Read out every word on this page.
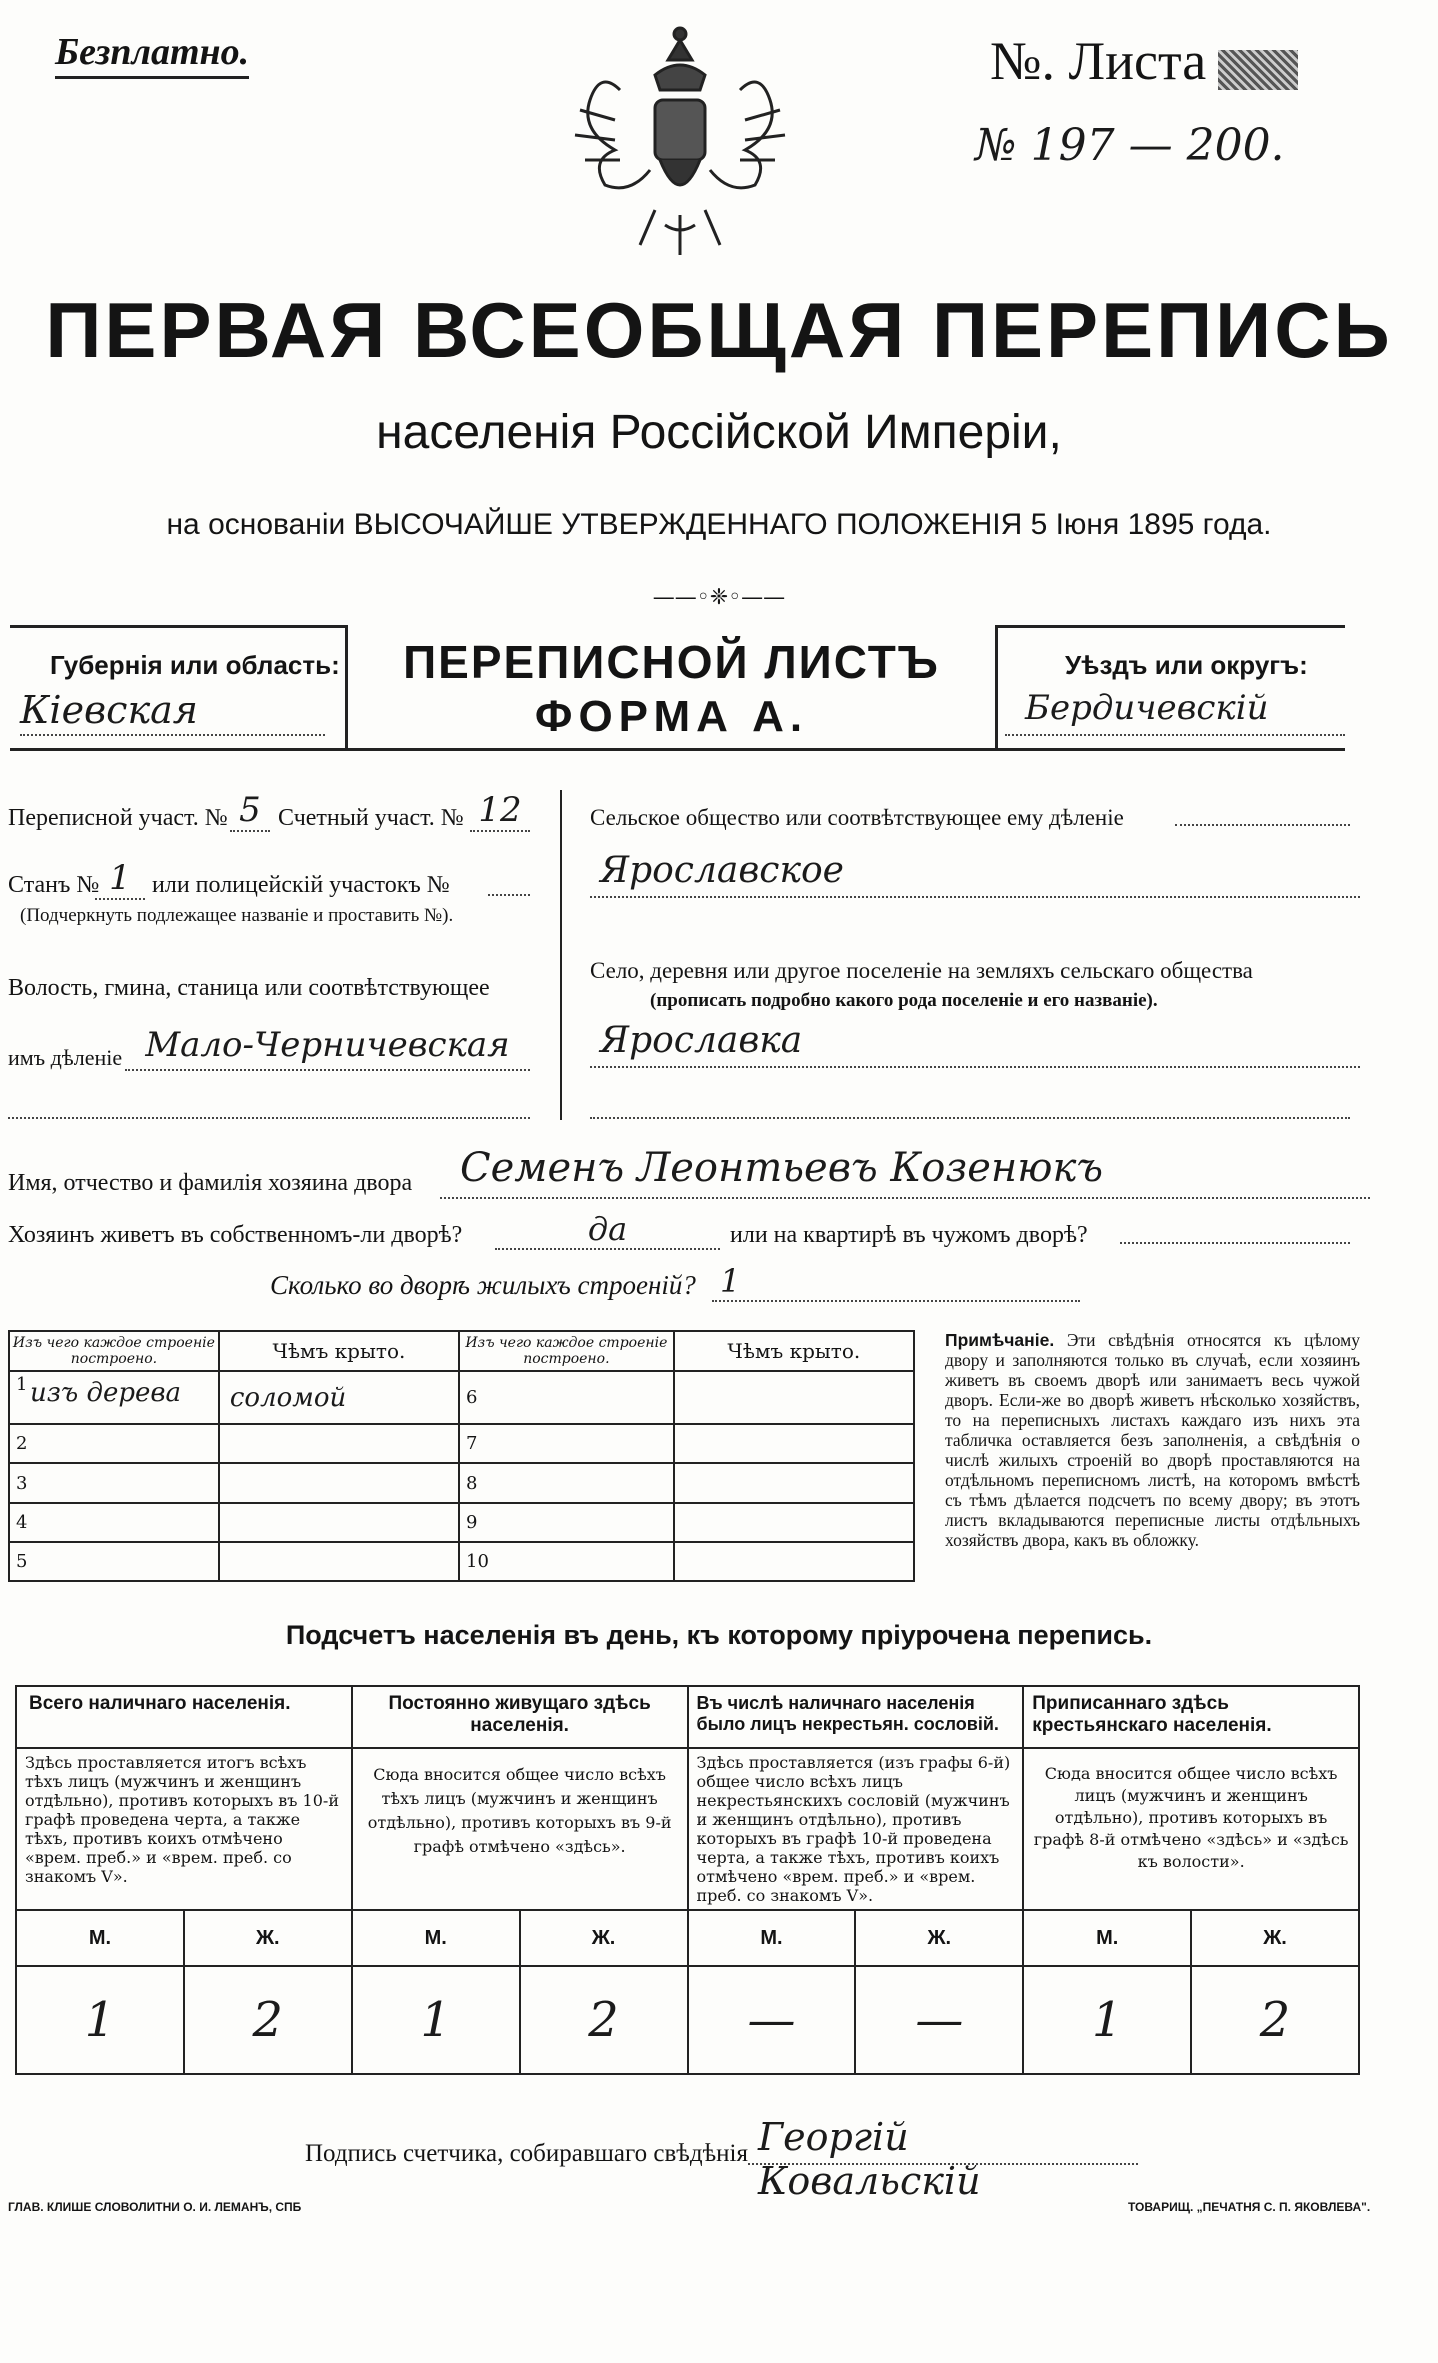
Безплатно.	№. Листа
№ 197 — 200.
ПЕРВАЯ ВСЕОБЩАЯ ПЕРЕПИСЬ
населенія Россійской Имперіи,
на основаніи ВЫСОЧАЙШЕ УТВЕРЖДЕННАГО ПОЛОЖЕНІЯ 5 Іюня 1895 года.
——◦❈◦——
Губернія или область:
Кіевская
ПЕРЕПИСНОЙ ЛИСТЪ
ФОРМА А.
Уѣздъ или округъ:
Бердичевскій
Переписной участ. № 5 Счетный участ. № 12
Станъ № 1 или полицейскій участокъ №
(Подчеркнуть подлежащее названіе и проставить №).
Волость, гмина, станица или соотвѣтствующее
имъ дѣленіе Мало-Черничевская
Сельское общество или соотвѣтствующее ему дѣленіе
Ярославское
Село, деревня или другое поселеніе на земляхъ сельскаго общества
(прописать подробно какого рода поселеніе и его названіе).
Ярославка
Имя, отчество и фамилія хозяина двора	Семенъ Леонтьевъ Козенюкъ
Хозяинъ живетъ въ собственномъ-ли дворѣ?	да	или на квартирѣ въ чужомъ дворѣ?
Сколько во дворѣ жилыхъ строеній? 1
Изъ чего каждое строеніе построено.	Чѣмъ крыто.	Изъ чего каждое строеніе построено.	Чѣмъ крыто.

1 изъ дерева	соломой	6	
2		7	
3		8	
4		9	
5		10	
Примѣчаніе. Эти свѣдѣнія относятся къ цѣлому двору и заполняются только въ случаѣ, если хозяинъ живетъ въ своемъ дворѣ или занимаетъ весь чужой дворъ. Если-же во дворѣ живетъ нѣсколько хозяйствъ, то на переписныхъ листахъ каждаго изъ нихъ эта табличка оставляется безъ заполненія, а свѣдѣнія о числѣ жилыхъ строеній во дворѣ проставляются на отдѣльномъ переписномъ листѣ, на которомъ вмѣстѣ съ тѣмъ дѣлается подсчетъ по всему двору; въ этотъ листъ вкладываются переписные листы отдѣльныхъ хозяйствъ двора, какъ въ обложку.
Подсчетъ населенія въ день, къ которому пріурочена перепись.
Всего наличнаго населенія.		Постоянно живущаго здѣсь населенія.		Въ числѣ наличнаго населенія было лицъ некрестьян. сословій.		Приписаннаго здѣсь крестьянскаго населенія.	
Здѣсь проставляется итогъ всѣхъ тѣхъ лицъ (мужчинъ и женщинъ отдѣльно), противъ которыхъ въ 10-й графѣ проведена черта, а также тѣхъ, противъ коихъ отмѣчено «врем. преб.» и «врем. преб. со знакомъ V».		Сюда вносится общее число всѣхъ тѣхъ лицъ (мужчинъ и женщинъ отдѣльно), противъ которыхъ въ 9-й графѣ отмѣчено «здѣсь».		Здѣсь проставляется (изъ графы 6-й) общее число всѣхъ лицъ некрестьянскихъ сословій (мужчинъ и женщинъ отдѣльно), противъ которыхъ въ графѣ 10-й проведена черта, а также тѣхъ, противъ коихъ отмѣчено «врем. преб.» и «врем. преб. со знакомъ V».		Сюда вносится общее число всѣхъ лицъ (мужчинъ и женщинъ отдѣльно), противъ которыхъ въ графѣ 8-й отмѣчено «здѣсь» и «здѣсь къ волости».	
М.	Ж.	М.	Ж.	М.	Ж.	М.	Ж.
1	2	1	2	—	—	1	2
Подпись счетчика, собиравшаго свѣдѣнія Георгій Ковальскій
ГЛАВ. КЛИШЕ СЛОВОЛИТНИ О. И. ЛЕМАНЪ, СПБ	ТОВАРИЩ. „ПЕЧАТНЯ С. П. ЯКОВЛЕВА".
